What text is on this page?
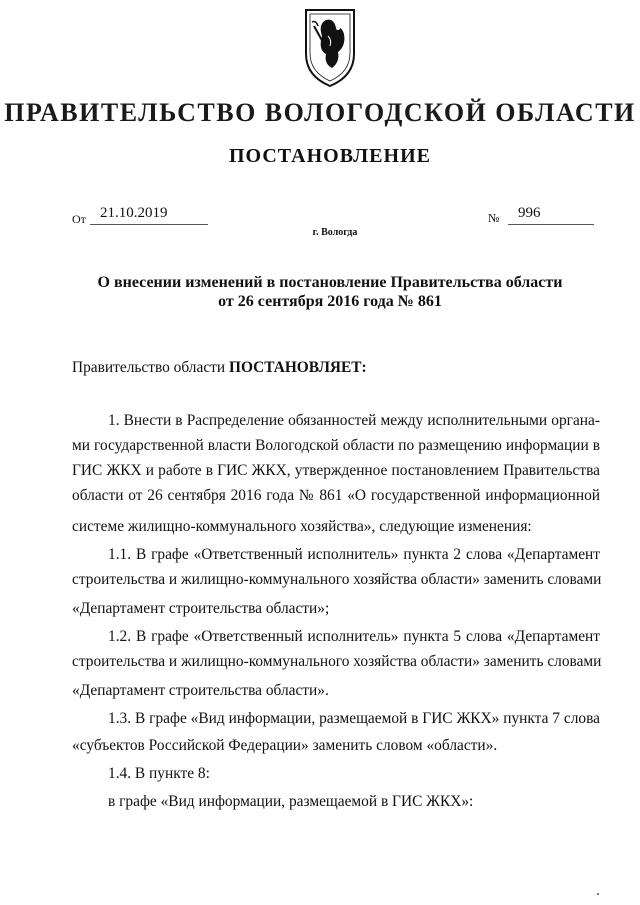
ПРАВИТЕЛЬСТВО ВОЛОГОДСКОЙ ОБЛАСТИ
ПОСТАНОВЛЕНИЕ
От 21.10.2019	№	996
г. Вологда
О внесении изменений в постановление Правительства области
от 26 сентября 2016 года № 861
Правительство области ПОСТАНОВЛЯЕТ:
1. Внести в Распределение обязанностей между исполнительными органа-
ми государственной власти Вологодской области по размещению информации в
ГИС ЖКХ и работе в ГИС ЖКХ, утвержденное постановлением Правительства
области от 26 сентября 2016 года № 861 «О государственной информационной
системе жилищно-коммунального хозяйства», следующие изменения:
1.1. В графе «Ответственный исполнитель» пункта 2 слова «Департамент
строительства и жилищно-коммунального хозяйства области» заменить словами
«Департамент строительства области»;
1.2. В графе «Ответственный исполнитель» пункта 5 слова «Департамент
строительства и жилищно-коммунального хозяйства области» заменить словами
«Департамент строительства области».
1.3. В графе «Вид информации, размещаемой в ГИС ЖКХ» пункта 7 слова
«субъектов Российской Федерации» заменить словом «области».
1.4. В пункте 8:
в графе «Вид информации, размещаемой в ГИС ЖКХ»:
